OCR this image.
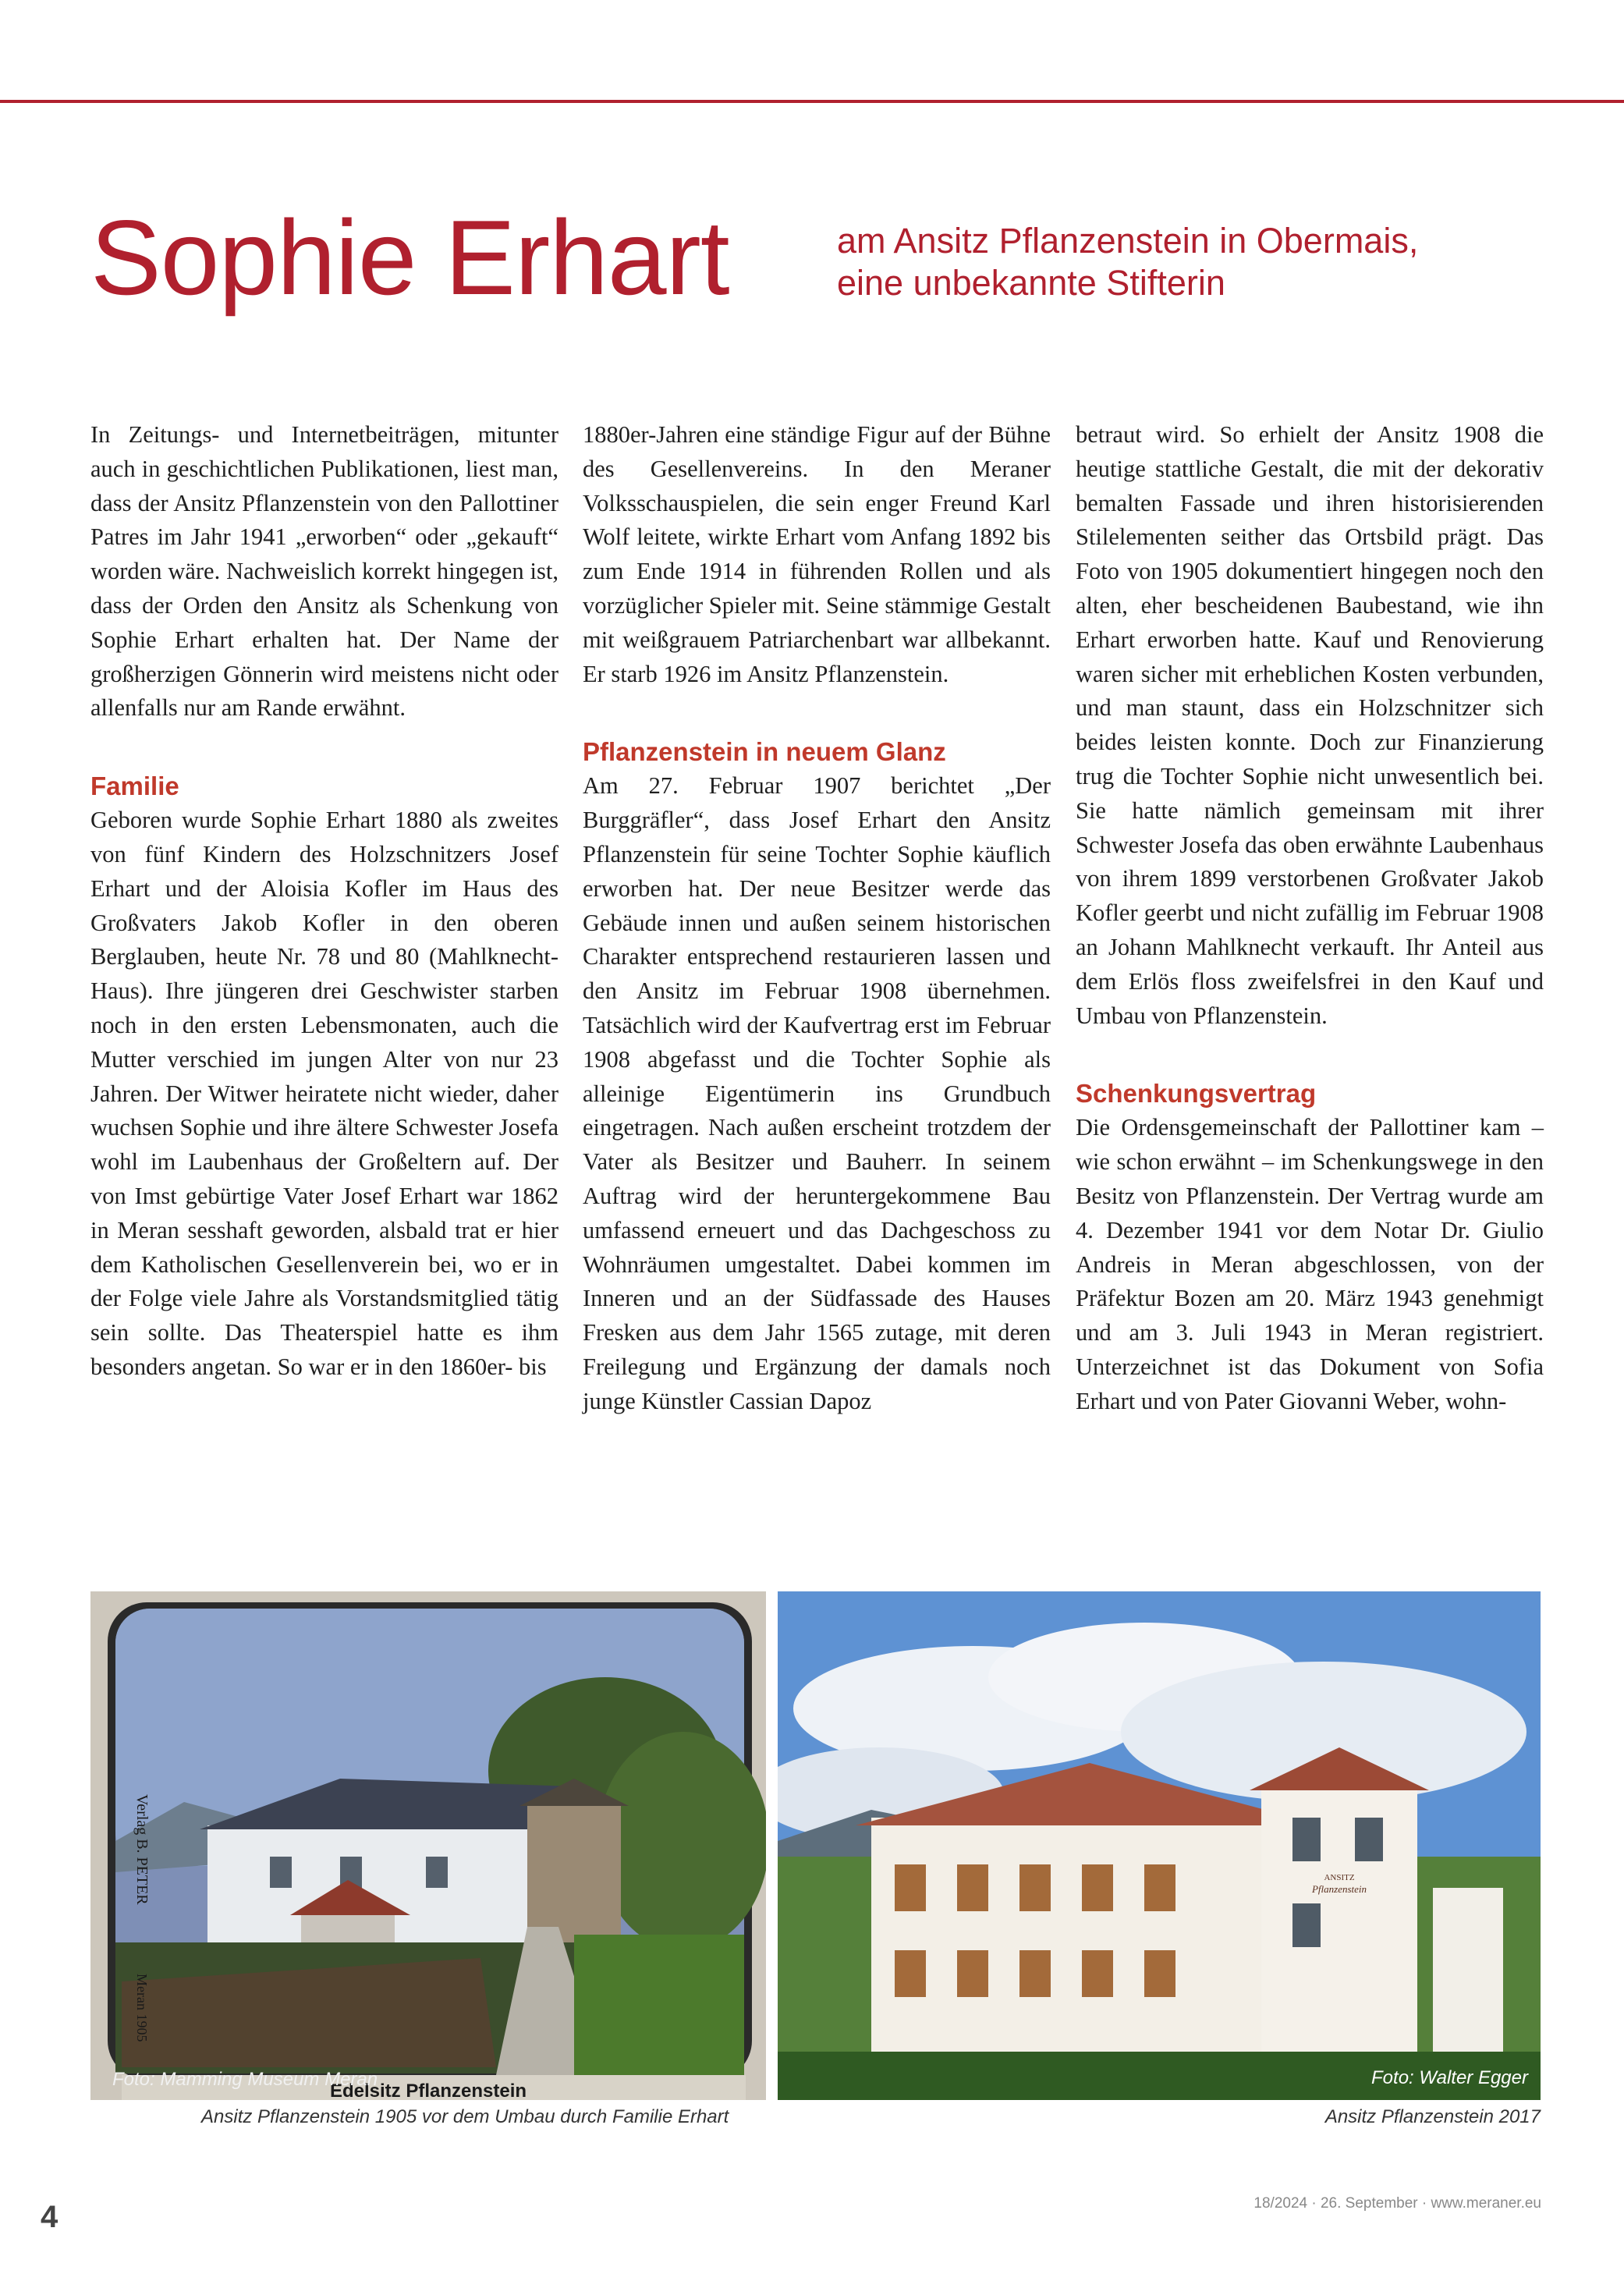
Sophie Erhart	am Ansitz Pflanzenstein in Obermais,
eine unbekannte Stifterin

In Zeitungs- und Internetbeiträgen, mitunter auch in geschichtlichen Publikationen, liest man, dass der Ansitz Pflanzenstein von den Pallottiner Patres im Jahr 1941 „erworben“ oder „gekauft“ worden wäre. Nachweislich korrekt hingegen ist, dass der Orden den Ansitz als Schenkung von Sophie Erhart erhalten hat. Der Name der großherzigen Gönnerin wird meistens nicht oder allenfalls nur am Rande erwähnt.

Familie

Geboren wurde Sophie Erhart 1880 als zweites von fünf Kindern des Holzschnitzers Josef Erhart und der Aloisia Kofler im Haus des Großvaters Jakob Kofler in den oberen Berglauben, heute Nr. 78 und 80 (Mahlknecht-Haus). Ihre jüngeren drei Geschwister starben noch in den ersten Lebensmonaten, auch die Mutter verschied im jungen Alter von nur 23 Jahren. Der Witwer heiratete nicht wieder, daher wuchsen Sophie und ihre ältere Schwester Josefa wohl im Laubenhaus der Großeltern auf. Der von Imst gebürtige Vater Josef Erhart war 1862 in Meran sesshaft geworden, alsbald trat er hier dem Katholischen Gesellenverein bei, wo er in der Folge viele Jahre als Vorstandsmitglied tätig sein sollte. Das Theaterspiel hatte es ihm besonders angetan. So war er in den 1860er- bis

1880er-Jahren eine ständige Figur auf der Bühne des Gesellenvereins. In den Meraner Volksschauspielen, die sein enger Freund Karl Wolf leitete, wirkte Erhart vom Anfang 1892 bis zum Ende 1914 in führenden Rollen und als vorzüglicher Spieler mit. Seine stämmige Gestalt mit weißgrauem Patriarchenbart war allbekannt. Er starb 1926 im Ansitz Pflanzenstein.

Pflanzenstein in neuem Glanz

Am 27. Februar 1907 berichtet „Der Burggräfler“, dass Josef Erhart den Ansitz Pflanzenstein für seine Tochter Sophie käuflich erworben hat. Der neue Besitzer werde das Gebäude innen und außen seinem historischen Charakter entsprechend restaurieren lassen und den Ansitz im Februar 1908 übernehmen. Tatsächlich wird der Kaufvertrag erst im Februar 1908 abgefasst und die Tochter Sophie als alleinige Eigentümerin ins Grundbuch eingetragen. Nach außen erscheint trotzdem der Vater als Besitzer und Bauherr. In seinem Auftrag wird der heruntergekommene Bau umfassend erneuert und das Dachgeschoss zu Wohnräumen umgestaltet. Dabei kommen im Inneren und an der Südfassade des Hauses Fresken aus dem Jahr 1565 zutage, mit deren Freilegung und Ergänzung der damals noch junge Künstler Cassian Dapoz

betraut wird. So erhielt der Ansitz 1908 die heutige stattliche Gestalt, die mit der dekorativ bemalten Fassade und ihren historisierenden Stilelementen seither das Ortsbild prägt. Das Foto von 1905 dokumentiert hingegen noch den alten, eher bescheidenen Baubestand, wie ihn Erhart erworben hatte. Kauf und Renovierung waren sicher mit erheblichen Kosten verbunden, und man staunt, dass ein Holzschnitzer sich beides leisten konnte. Doch zur Finanzierung trug die Tochter Sophie nicht unwesentlich bei. Sie hatte nämlich gemeinsam mit ihrer Schwester Josefa das oben erwähnte Laubenhaus von ihrem 1899 verstorbenen Großvater Jakob Kofler geerbt und nicht zufällig im Februar 1908 an Johann Mahlknecht verkauft. Ihr Anteil aus dem Erlös floss zweifelsfrei in den Kauf und Umbau von Pflanzenstein.

Schenkungsvertrag

Die Ordensgemeinschaft der Pallottiner kam – wie schon erwähnt – im Schenkungswege in den Besitz von Pflanzenstein. Der Vertrag wurde am 4. Dezember 1941 vor dem Notar Dr. Giulio Andreis in Meran abgeschlossen, von der Präfektur Bozen am 20. März 1943 genehmigt und am 3. Juli 1943 in Meran registriert. Unterzeichnet ist das Dokument von Sofia Erhart und von Pater Giovanni Weber, wohn-

Verlag B. PETER
Meran 1905
Edelsitz Pflanzenstein
Foto: Mamming Museum Meran
Ansitz Pflanzenstein 1905 vor dem Umbau durch Familie Erhart
ANSITZ
Pflanzenstein
Foto: Walter Egger
Ansitz Pflanzenstein 2017
4	18/2024 · 26. September · www.meraner.eu
